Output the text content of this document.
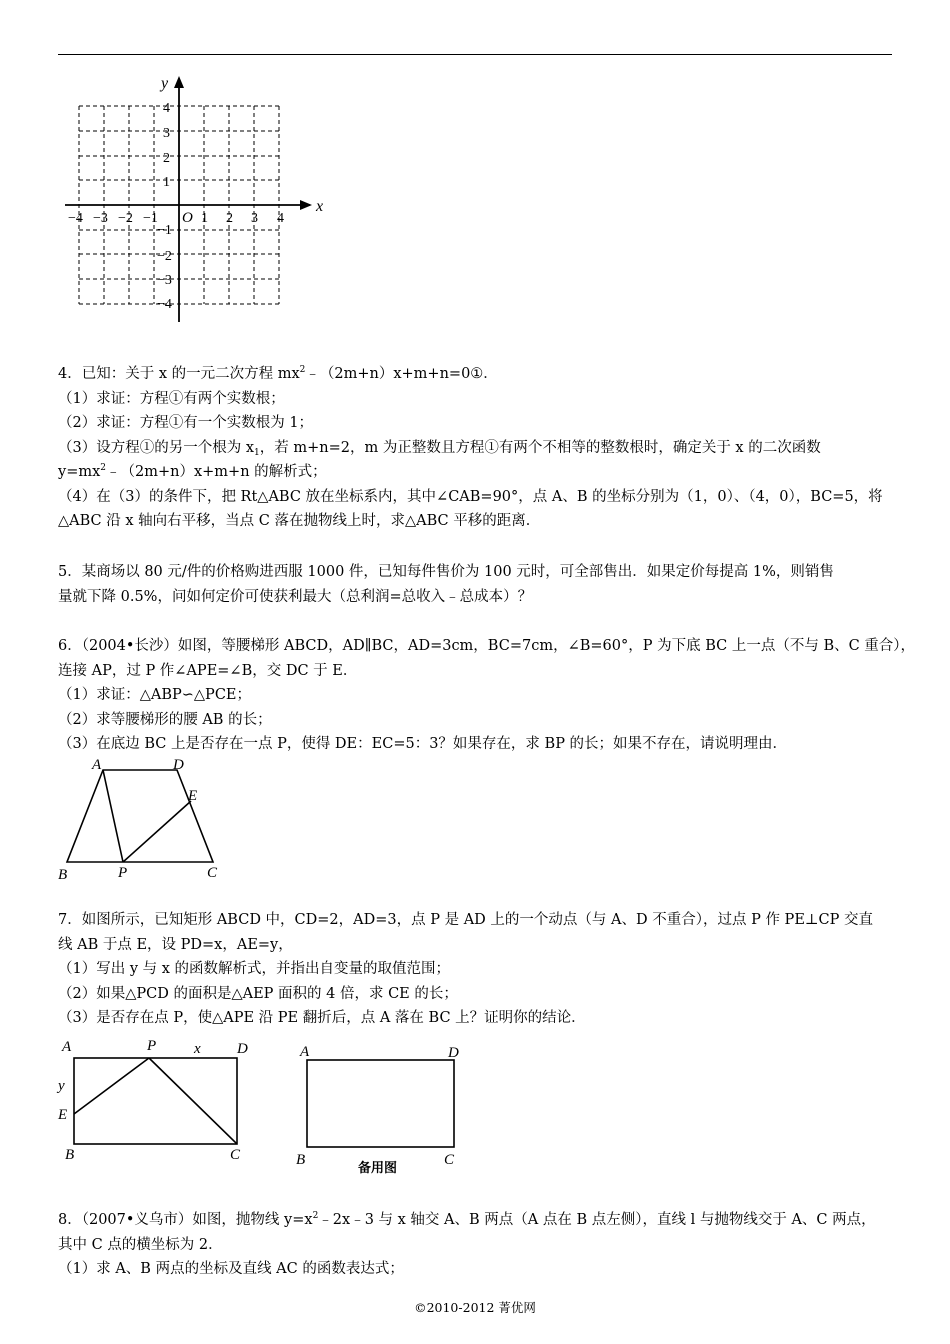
y
x
O
−4 −3 −2 −1	1 2 3 4
4
3
2
1
−1
−2
−3
−4
4．已知：关于 x 的一元二次方程 $mx^2﹣(2m+n)x+m+n=0①$．
（1）求证：方程①有两个实数根；
（2）求证：方程①有一个实数根为 1；
（3）设方程①的另一个根为 $x_1$，若 m+n=2，m 为正整数且方程①有两个不相等的整数根时，确定关于 x 的二次函数
$y=mx^2﹣(2m+n)x+m+n$ 的解析式；
（4）在（3）的条件下，把 Rt△ABC 放在坐标系内，其中∠CAB=90°，点 A、B 的坐标分别为（1，0）、（4，0），BC=5，将
△ABC 沿 x 轴向右平移，当点 C 落在抛物线上时，求△ABC 平移的距离．
5．某商场以 80 元/件的价格购进西服 1000 件，已知每件售价为 100 元时，可全部售出．如果定价每提高 1%，则销售
量就下降 0.5%，问如何定价可使获利最大（总利润=总收入﹣总成本）？
6．（2004•长沙）如图，等腰梯形 ABCD，AD∥BC，AD=3cm，BC=7cm，∠B=60°，P 为下底 BC 上一点（不与 B、C 重合），
连接 AP，过 P 作∠APE=∠B，交 DC 于 E．
（1）求证：△ABP∽△PCE；
（2）求等腰梯形的腰 AB 的长；
（3）在底边 BC 上是否存在一点 P，使得 DE：EC=5：3？如果存在，求 BP 的长；如果不存在，请说明理由．
A	D
E
B	P	C
7．如图所示，已知矩形 ABCD 中，CD=2，AD=3，点 P 是 AD 上的一个动点（与 A、D 不重合），过点 P 作 PE⊥CP 交直
线 AB 于点 E，设 PD=x，AE=y，
（1）写出 y 与 x 的函数解析式，并指出自变量的取值范围；
（2）如果△PCD 的面积是△AEP 面积的 4 倍，求 CE 的长；
（3）是否存在点 P，使△APE 沿 PE 翻折后，点 A 落在 BC 上？证明你的结论．
A	P	x D
y
E
B	C
A	D
B	C
备用图
8．（2007•义乌市）如图，抛物线 $y=x^2﹣2x﹣3$ 与 x 轴交 A、B 两点（A 点在 B 点左侧），直线 l 与抛物线交于 A、C 两点，
其中 C 点的横坐标为 2．
（1）求 A、B 两点的坐标及直线 AC 的函数表达式；
©2010-2012 菁优网
